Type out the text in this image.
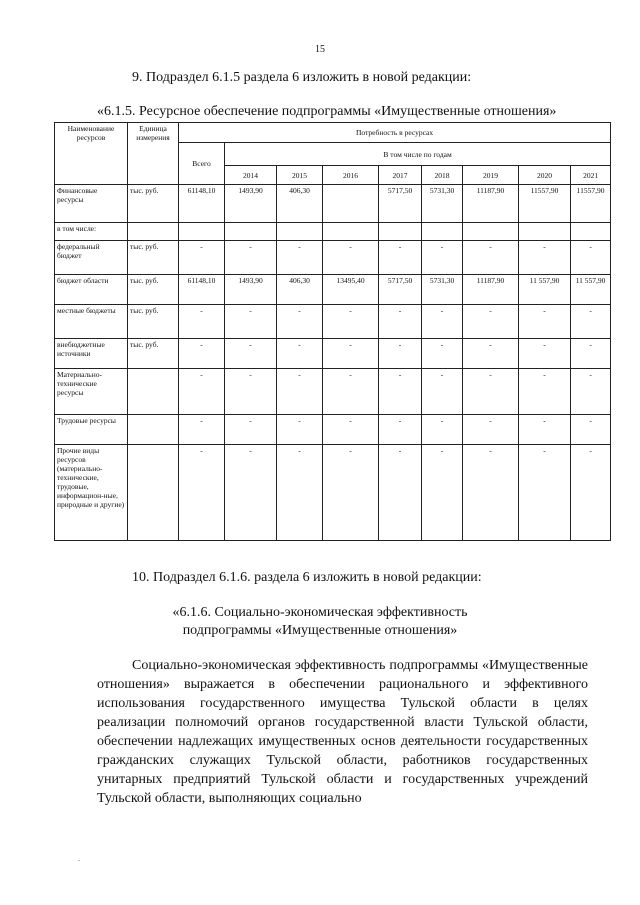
15
9. Подраздел 6.1.5 раздела 6 изложить в новой редакции:
«6.1.5. Ресурсное обеспечение подпрограммы «Имущественные отношения»
Наименование ресурсов	Единица измерения	Потребность в ресурсах								
		Всего	В том числе по годам							
			2014	2015	2016	2017	2018	2019	2020	2021
Финансовые ресурсы	тыс. руб.	61148,10	1493,90	406,30		5717,50	5731,30	11187,90	11557,90	11557,90
в том числе:										
федеральный бюджет	тыс. руб.	-	-	-	-	-	-	-	-	-
бюджет области	тыс. руб.	61148,10	1493,90	406,30	13495,40	5717,50	5731,30	11187,90	11 557,90	11 557,90
местные бюджеты	тыс. руб.	-	-	-	-	-	-	-	-	-
внебюджетные источники	тыс. руб.	-	-	-	-	-	-	-	-	-
Материально-технические ресурсы		-	-	-	-	-	-	-	-	-
Трудовые ресурсы		-	-	-	-	-	-	-	-	-
Прочие виды ресурсов (материально-технические, трудовые, информацион-ные, природные и другие)		-	-	-	-	-	-	-	-	-
10. Подраздел 6.1.6. раздела 6 изложить в новой редакции:
«6.1.6. Социально-экономическая эффективность
подпрограммы «Имущественные отношения»

Социально-экономическая эффективность подпрограммы «Имущественные отношения» выражается в обеспечении рационального и эффективного использования государственного имущества Тульской области в целях реализации полномочий органов государственной власти Тульской области, обеспечении надлежащих имущественных основ деятельности государственных гражданских служащих Тульской области, работников государственных унитарных предприятий Тульской области и государственных учреждений Тульской области, выполняющих социально

.
